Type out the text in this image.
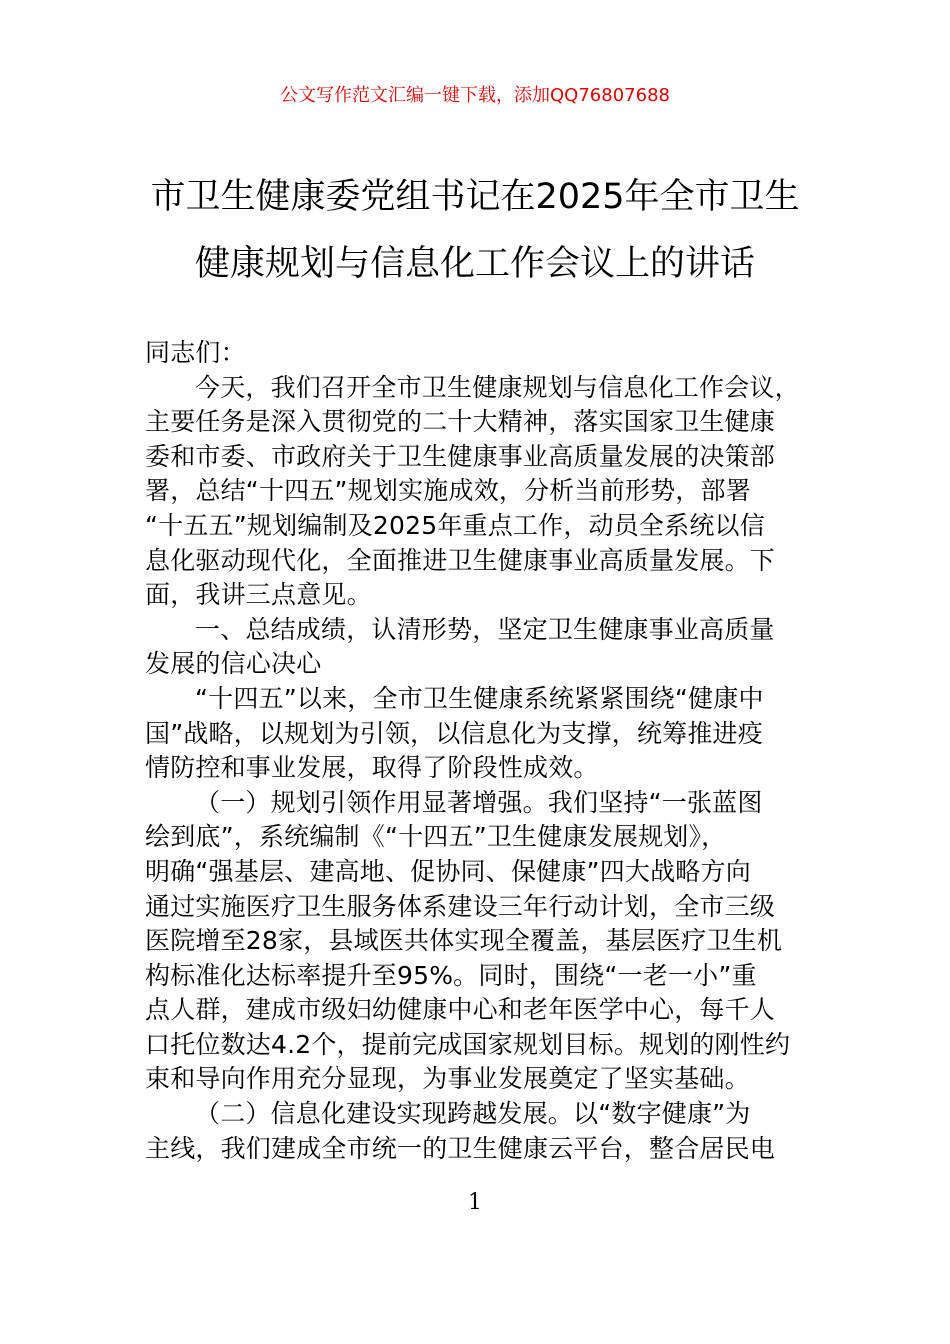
公文写作范文汇编一键下载，添加QQ76807688
市卫生健康委党组书记在2025年全市卫生
健康规划与信息化工作会议上的讲话
同志们：
今天，我们召开全市卫生健康规划与信息化工作会议，
主要任务是深入贯彻党的二十大精神，落实国家卫生健康
委和市委、市政府关于卫生健康事业高质量发展的决策部
署，总结“十四五”规划实施成效，分析当前形势，部署
“十五五”规划编制及2025年重点工作，动员全系统以信
息化驱动现代化，全面推进卫生健康事业高质量发展。下
面，我讲三点意见。
一、总结成绩，认清形势，坚定卫生健康事业高质量
发展的信心决心
“十四五”以来，全市卫生健康系统紧紧围绕“健康中
国”战略，以规划为引领，以信息化为支撑，统筹推进疫
情防控和事业发展，取得了阶段性成效。
（一）规划引领作用显著增强。我们坚持“一张蓝图
绘到底”，系统编制《“十四五”卫生健康发展规划》，
明确“强基层、建高地、促协同、保健康”四大战略方向
通过实施医疗卫生服务体系建设三年行动计划，全市三级
医院增至28家，县域医共体实现全覆盖，基层医疗卫生机
构标准化达标率提升至95%。同时，围绕“一老一小”重
点人群，建成市级妇幼健康中心和老年医学中心，每千人
口托位数达4.2个，提前完成国家规划目标。规划的刚性约
束和导向作用充分显现，为事业发展奠定了坚实基础。
（二）信息化建设实现跨越发展。以“数字健康”为
主线，我们建成全市统一的卫生健康云平台，整合居民电
1
